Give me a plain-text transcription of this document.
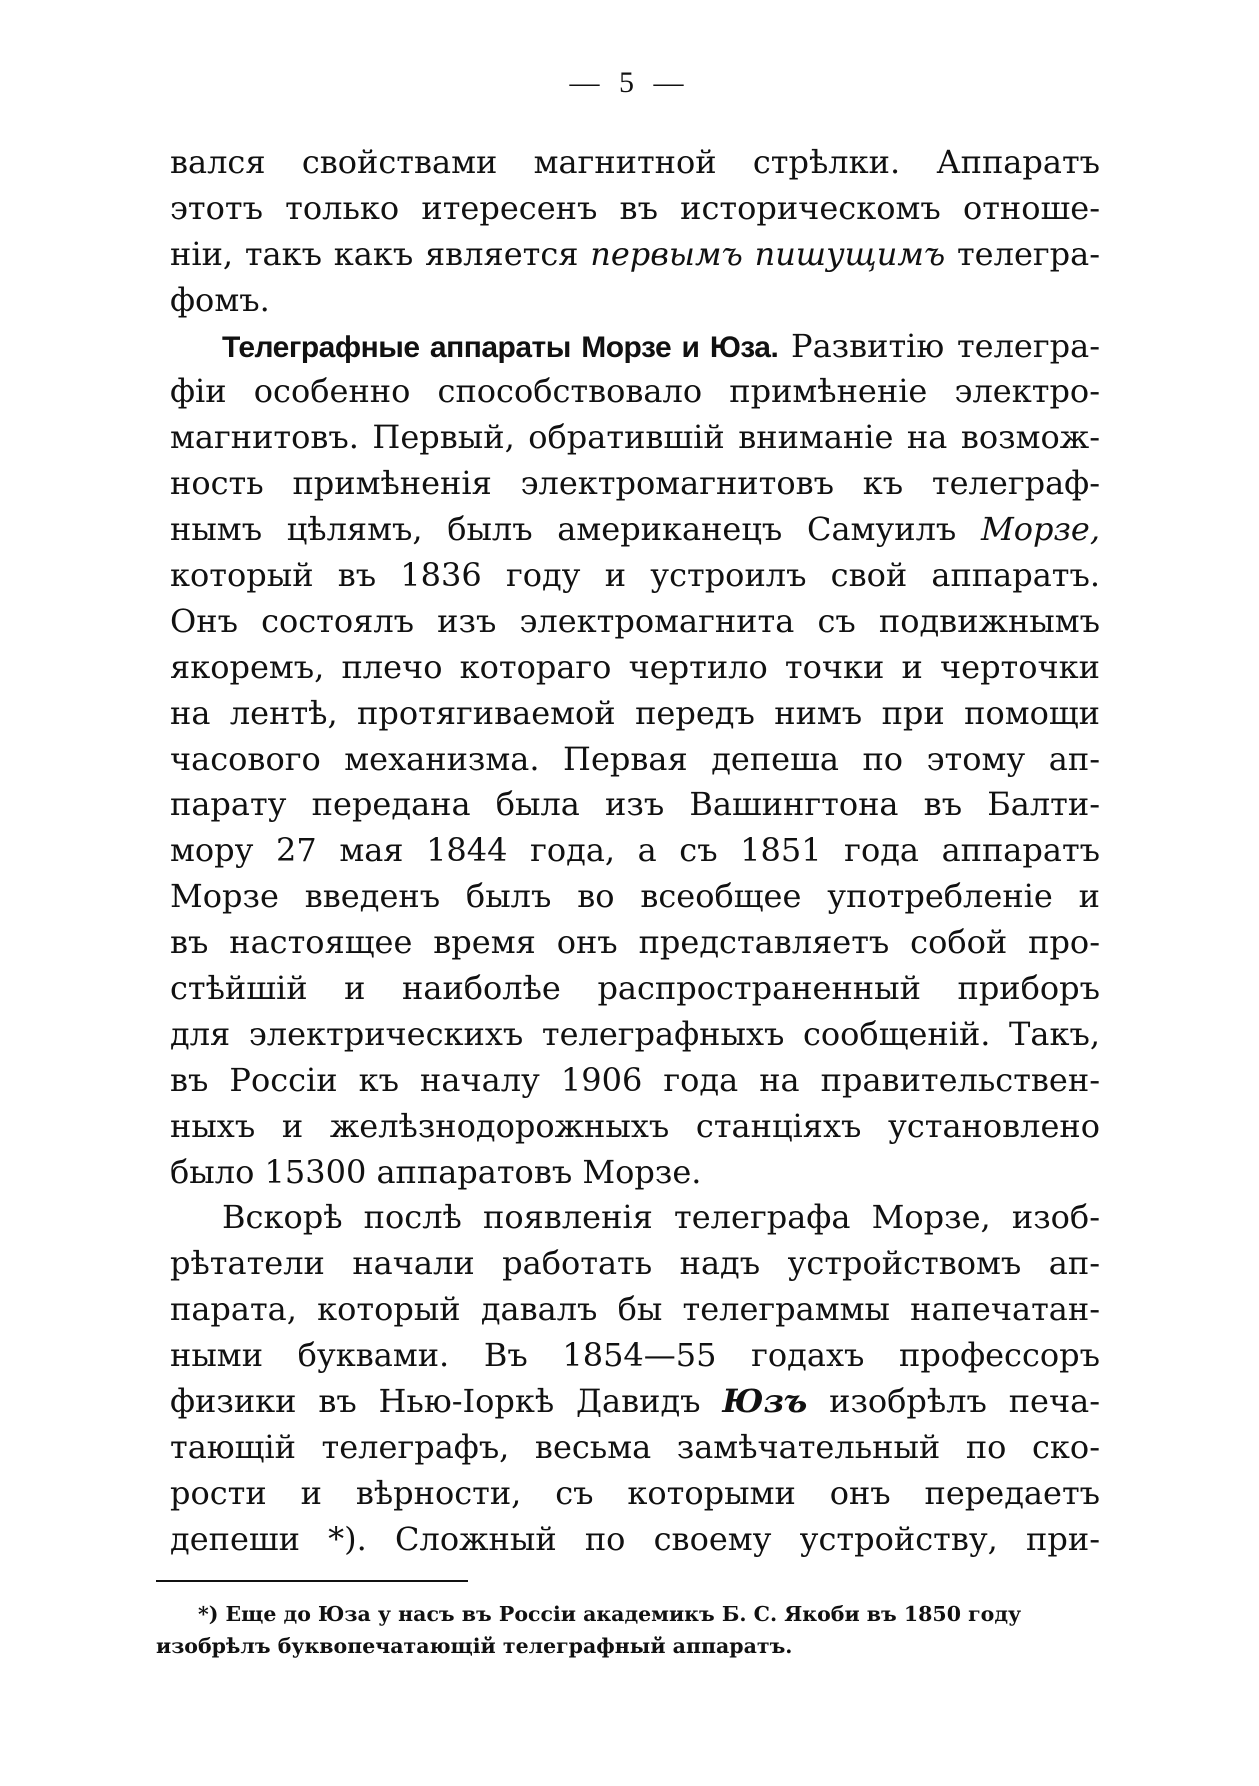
— 5 —
вался свойствами магнитной стрѣлки. Аппаратъ
этотъ только итересенъ въ историческомъ отноше-
ніи, такъ какъ является первымъ пишущимъ телегра-
фомъ.
Телеграфные аппараты Морзе и Юза. Развитію телегра-
фіи особенно способствовало примѣненіе электро-
магнитовъ. Первый, обратившій вниманіе на возмож-
ность примѣненія электромагнитовъ къ телеграф-
нымъ цѣлямъ, былъ американецъ Самуилъ Морзе,
который въ 1836 году и устроилъ свой аппаратъ.
Онъ состоялъ изъ электромагнита съ подвижнымъ
якоремъ, плечо котораго чертило точки и черточки
на лентѣ, протягиваемой передъ нимъ при помощи
часового механизма. Первая депеша по этому ап-
парату передана была изъ Вашингтона въ Балти-
мору 27 мая 1844 года, а съ 1851 года аппаратъ
Морзе введенъ былъ во всеобщее употребленіе и
въ настоящее время онъ представляетъ собой про-
стѣйшій и наиболѣе распространенный приборъ
для электрическихъ телеграфныхъ сообщеній. Такъ,
въ Россіи къ началу 1906 года на правительствен-
ныхъ и желѣзнодорожныхъ станціяхъ установлено
было 15300 аппаратовъ Морзе.
Вскорѣ послѣ появленія телеграфа Морзе, изоб-
рѣтатели начали работать надъ устройствомъ ап-
парата, который давалъ бы телеграммы напечатан-
ными буквами. Въ 1854—55 годахъ профессоръ
физики въ Нью-Іоркѣ Давидъ Юзъ изобрѣлъ печа-
тающій телеграфъ, весьма замѣчательный по ско-
рости и вѣрности, съ которыми онъ передаетъ
депеши *). Сложный по своему устройству, при-
*) Еще до Юза у насъ въ Россіи академикъ Б. С. Якоби въ 1850 году
изобрѣлъ буквопечатающій телеграфный аппаратъ.
